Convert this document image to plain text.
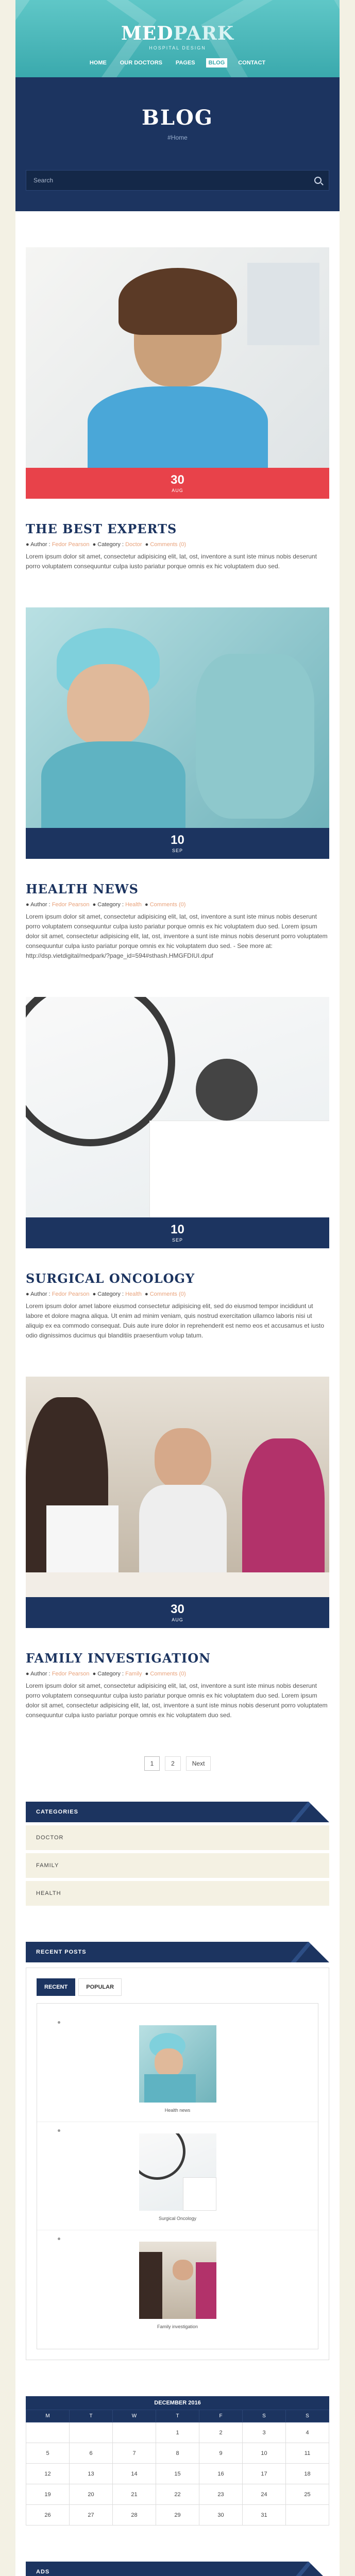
MEDPARK
HOSPITAL DESIGN
HOME OUR DOCTORS PAGES BLOG CONTACT
BLOG
#Home
Search
30
AUG
THE BEST EXPERTS
● Author : Fedor Pearson ● Category : Doctor ● Comments (0)

Lorem ipsum dolor sit amet, consectetur adipisicing elit, lat, ost, inventore a sunt iste minus nobis deserunt porro voluptatem consequuntur culpa iusto pariatur porque omnis ex hic voluptatem duo sed.

10
SEP
HEALTH NEWS
● Author : Fedor Pearson ● Category : Health ● Comments (0)

Lorem ipsum dolor sit amet, consectetur adipisicing elit, lat, ost, inventore a sunt iste minus nobis deserunt porro voluptatem consequuntur culpa iusto pariatur porque omnis ex hic voluptatem duo sed. Lorem ipsum dolor sit amet, consectetur adipisicing elit, lat, ost, inventore a sunt iste minus nobis deserunt porro voluptatem consequuntur culpa iusto pariatur porque omnis ex hic voluptatem duo sed. - See more at: http://dsp.vietdigital/medpark/?page_id=594#sthash.HMGFDIUI.dpuf

10
SEP
SURGICAL ONCOLOGY
● Author : Fedor Pearson ● Category : Health ● Comments (0)

Lorem ipsum dolor amet labore eiusmod consectetur adipisicing elit, sed do eiusmod tempor incididunt ut labore et dolore magna aliqua. Ut enim ad minim veniam, quis nostrud exercitation ullamco laboris nisi ut aliquip ex ea commodo consequat. Duis aute irure dolor in reprehenderit est nemo eos et accusamus et iusto odio dignissimos ducimus qui blanditiis praesentium volup tatum.

30
AUG
FAMILY INVESTIGATION
● Author : Fedor Pearson ● Category : Family ● Comments (0)

Lorem ipsum dolor sit amet, consectetur adipisicing elit, lat, ost, inventore a sunt iste minus nobis deserunt porro voluptatem consequuntur culpa iusto pariatur porque omnis ex hic voluptatem duo sed. Lorem ipsum dolor sit amet, consectetur adipisicing elit, lat, ost, inventore a sunt iste minus nobis deserunt porro voluptatem consequuntur culpa iusto pariatur porque omnis ex hic voluptatem duo sed.

1	2	Next
CATEGORIES
DOCTOR
FAMILY
HEALTH
RECENT POSTS
RECENT	POPULAR
Health news
Surgical Oncology
Family investigation
DECEMBER 2016
M	T	W	T	F	S	S
			1	2	3	4
5	6	7	8	9	10	11
12	13	14	15	16	17	18
19	20	21	22	23	24	25
26	27	28	29	30	31	
ADS
